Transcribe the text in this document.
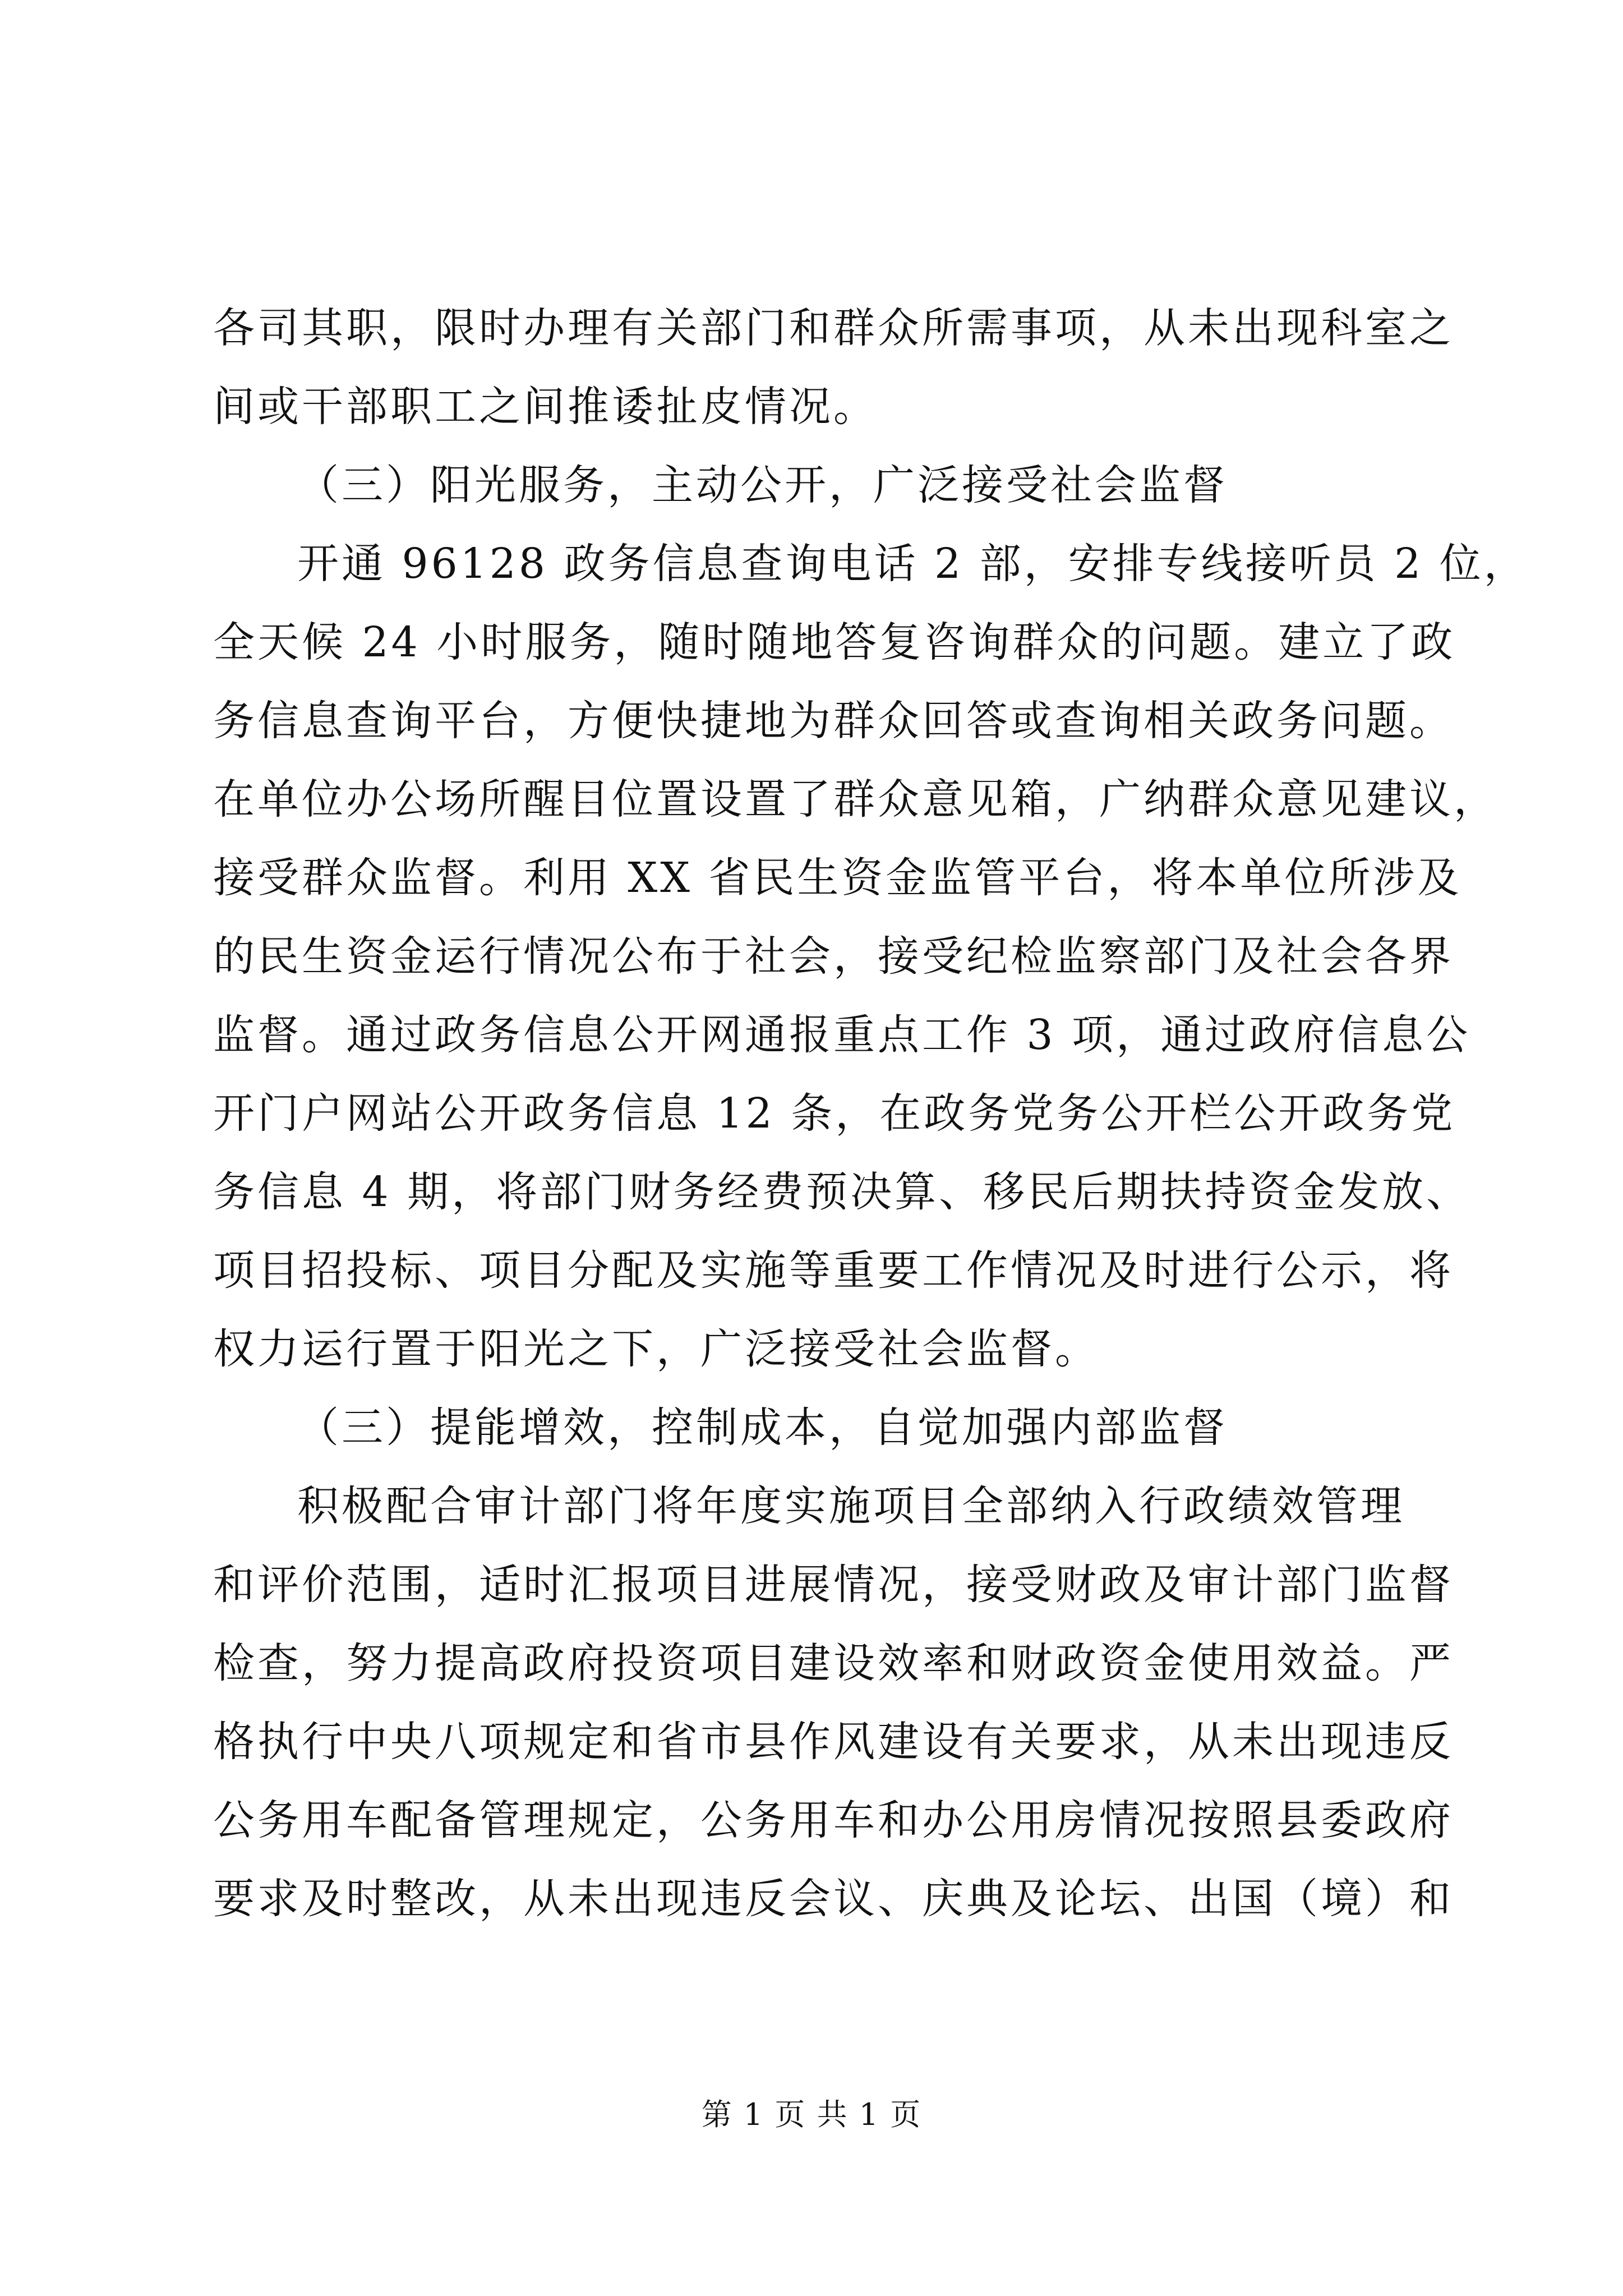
各司其职，限时办理有关部门和群众所需事项，从未出现科室之
间或干部职工之间推诿扯皮情况。
（三）阳光服务，主动公开，广泛接受社会监督
开通 96128 政务信息查询电话 2 部，安排专线接听员 2 位，
全天候 24 小时服务，随时随地答复咨询群众的问题。建立了政
务信息查询平台，方便快捷地为群众回答或查询相关政务问题。
在单位办公场所醒目位置设置了群众意见箱，广纳群众意见建议，
接受群众监督。利用 XX 省民生资金监管平台，将本单位所涉及
的民生资金运行情况公布于社会，接受纪检监察部门及社会各界
监督。通过政务信息公开网通报重点工作 3 项，通过政府信息公
开门户网站公开政务信息 12 条，在政务党务公开栏公开政务党
务信息 4 期，将部门财务经费预决算、移民后期扶持资金发放、
项目招投标、项目分配及实施等重要工作情况及时进行公示，将
权力运行置于阳光之下，广泛接受社会监督。
（三）提能增效，控制成本，自觉加强内部监督
积极配合审计部门将年度实施项目全部纳入行政绩效管理
和评价范围，适时汇报项目进展情况，接受财政及审计部门监督
检查，努力提高政府投资项目建设效率和财政资金使用效益。严
格执行中央八项规定和省市县作风建设有关要求，从未出现违反
公务用车配备管理规定，公务用车和办公用房情况按照县委政府
要求及时整改，从未出现违反会议、庆典及论坛、出国（境）和
第 1 页 共 1 页
